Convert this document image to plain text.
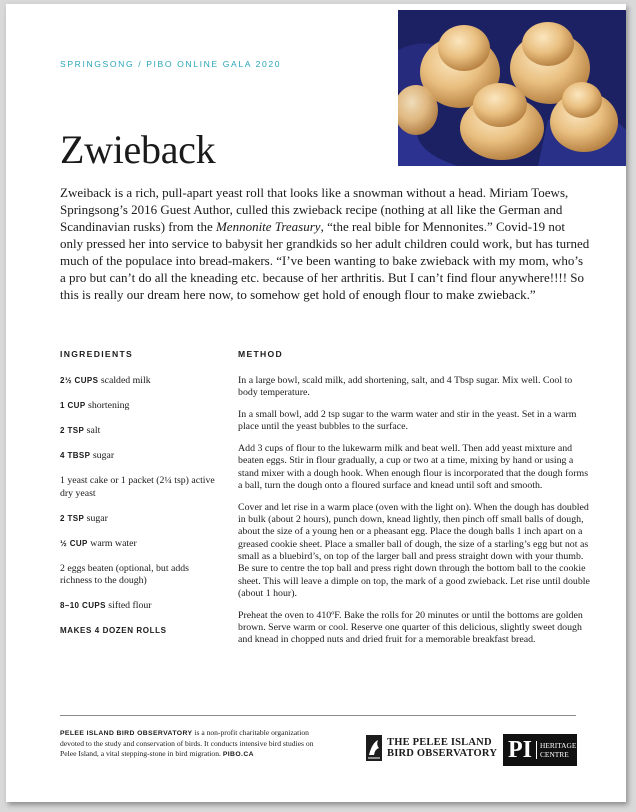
SPRINGSONG / PIBO ONLINE GALA 2020
Zwieback

Zweiback is a rich, pull-apart yeast roll that looks like a snowman without a head. Miriam Toews, Springsong’s 2016 Guest Author, culled this zwieback recipe (nothing at all like the German and Scandinavian rusks) from the Mennonite Treasury, “the real bible for Mennonites.” Covid-19 not only pressed her into service to babysit her grandkids so her adult children could work, but has turned much of the populace into bread-makers. “I’ve been wanting to bake zwieback with my mom, who’s a pro but can’t do all the kneading etc. because of her arthritis. But I can’t find flour anywhere!!!! So this is really our dream here now, to somehow get hold of enough flour to make zwieback.”

INGREDIENTS
2½ CUPS scalded milk
1 CUP shortening
2 TSP salt
4 TBSP sugar
1 yeast cake or 1 packet (2¼ tsp) active dry yeast
2 TSP sugar
½ CUP warm water
2 eggs beaten (optional, but adds richness to the dough)
8–10 CUPS sifted flour
MAKES 4 DOZEN ROLLS
METHOD

In a large bowl, scald milk, add shortening, salt, and 4 Tbsp sugar. Mix well. Cool to body temperature.

In a small bowl, add 2 tsp sugar to the warm water and stir in the yeast. Set in a warm place until the yeast bubbles to the surface.

Add 3 cups of flour to the lukewarm milk and beat well. Then add yeast mixture and beaten eggs. Stir in flour gradually, a cup or two at a time, mixing by hand or using a stand mixer with a dough hook. When enough flour is incorporated that the dough forms a ball, turn the dough onto a floured surface and knead until soft and smooth.

Cover and let rise in a warm place (oven with the light on). When the dough has doubled in bulk (about 2 hours), punch down, knead lightly, then pinch off small balls of dough, about the size of a young hen or a pheasant egg. Place the dough balls 1 inch apart on a greased cookie sheet. Place a smaller ball of dough, the size of a starling’s egg but not as small as a bluebird’s, on top of the larger ball and press straight down with your thumb. Be sure to centre the top ball and press right down through the bottom ball to the cookie sheet. This will leave a dimple on top, the mark of a good zwieback. Let rise until double (about 1 hour).

Preheat the oven to 410ºF. Bake the rolls for 20 minutes or until the bottoms are golden brown. Serve warm or cool. Reserve one quarter of this delicious, slightly sweet dough and knead in chopped nuts and dried fruit for a memorable breakfast bread.

PELEE ISLAND BIRD OBSERVATORY is a non-profit charitable organization devoted to the study and conservation of birds. It conducts intensive bird studies on Pelee Island, a vital stepping-stone in bird migration. PIBO.CA

THE PELEE ISLAND
BIRD OBSERVATORY PI HERITAGE
CENTRE
